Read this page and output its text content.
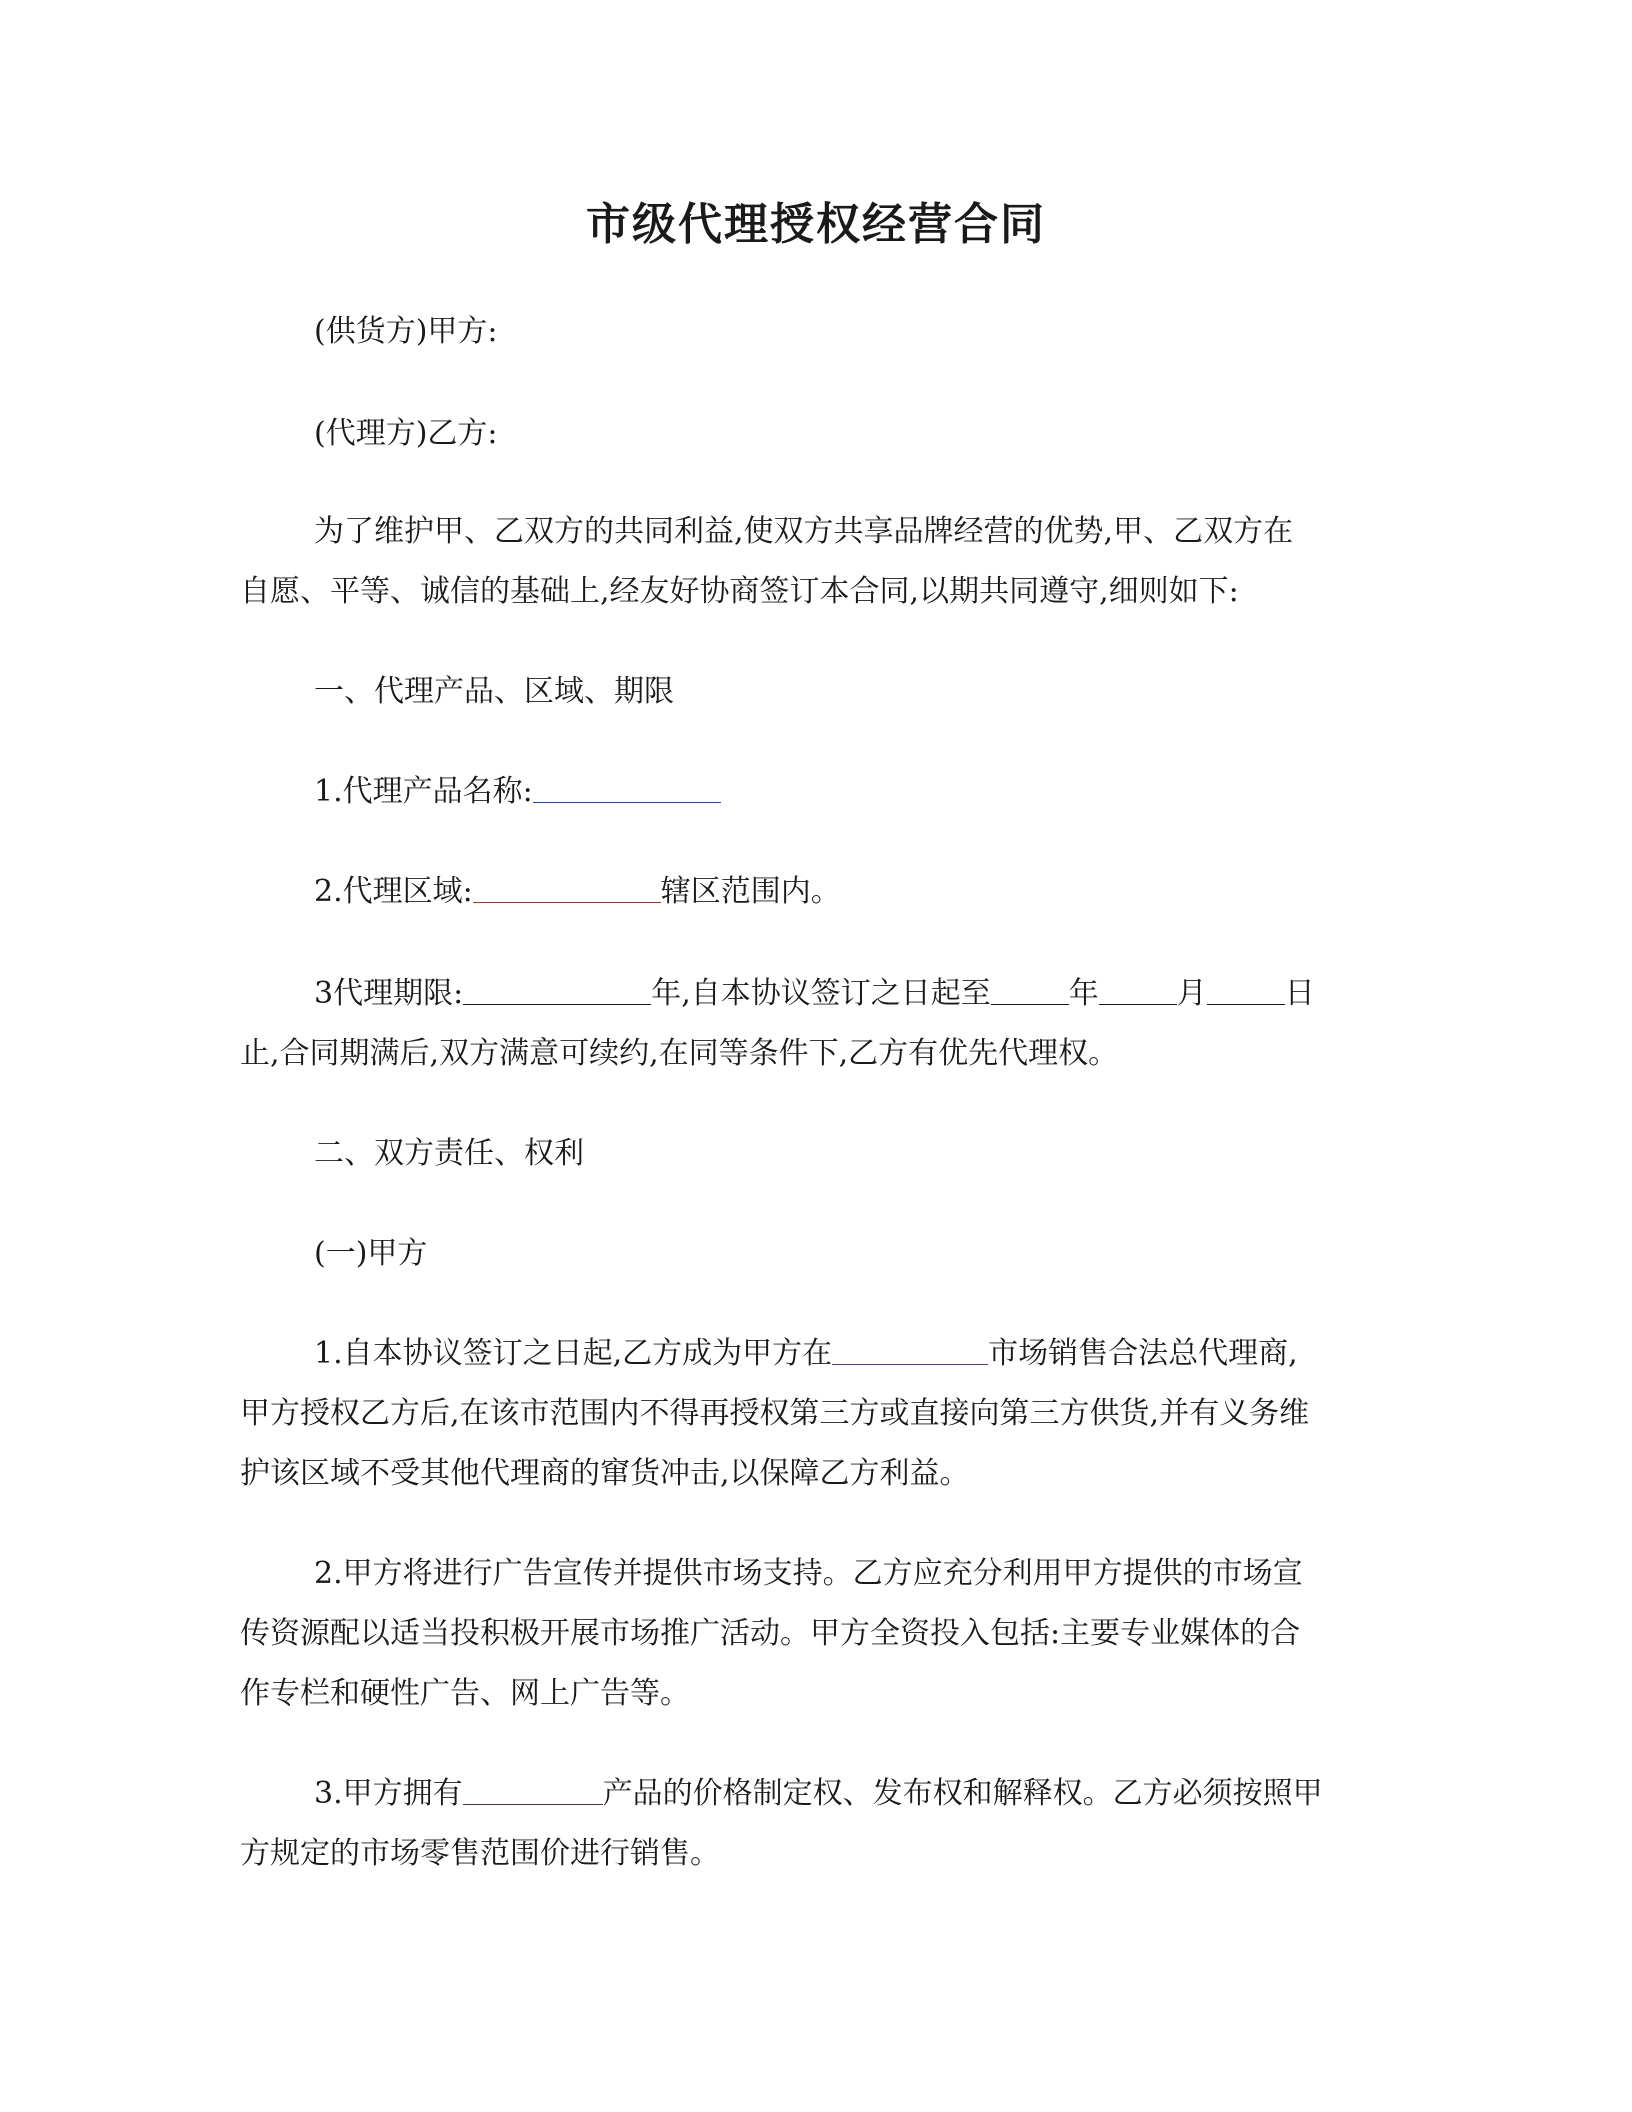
市级代理授权经营合同
(供货方)甲方:
(代理方)乙方:
为了维护甲、乙双方的共同利益,使双方共享品牌经营的优势,甲、乙双方在
自愿、平等、诚信的基础上,经友好协商签订本合同,以期共同遵守,细则如下:
一、代理产品、区域、期限
1.代理产品名称:
2.代理区域:	辖区范围内。
3代理期限:	年,自本协议签订之日起至	年	月	日
止,合同期满后,双方满意可续约,在同等条件下,乙方有优先代理权。
二、双方责任、权利
(一)甲方
1.自本协议签订之日起,乙方成为甲方在	市场销售合法总代理商,
甲方授权乙方后,在该市范围内不得再授权第三方或直接向第三方供货,并有义务维
护该区域不受其他代理商的窜货冲击,以保障乙方利益。
2.甲方将进行广告宣传并提供市场支持。乙方应充分利用甲方提供的市场宣
传资源配以适当投积极开展市场推广活动。甲方全资投入包括:主要专业媒体的合
作专栏和硬性广告、网上广告等。
3.甲方拥有	产品的价格制定权、发布权和解释权。乙方必须按照甲
方规定的市场零售范围价进行销售。
